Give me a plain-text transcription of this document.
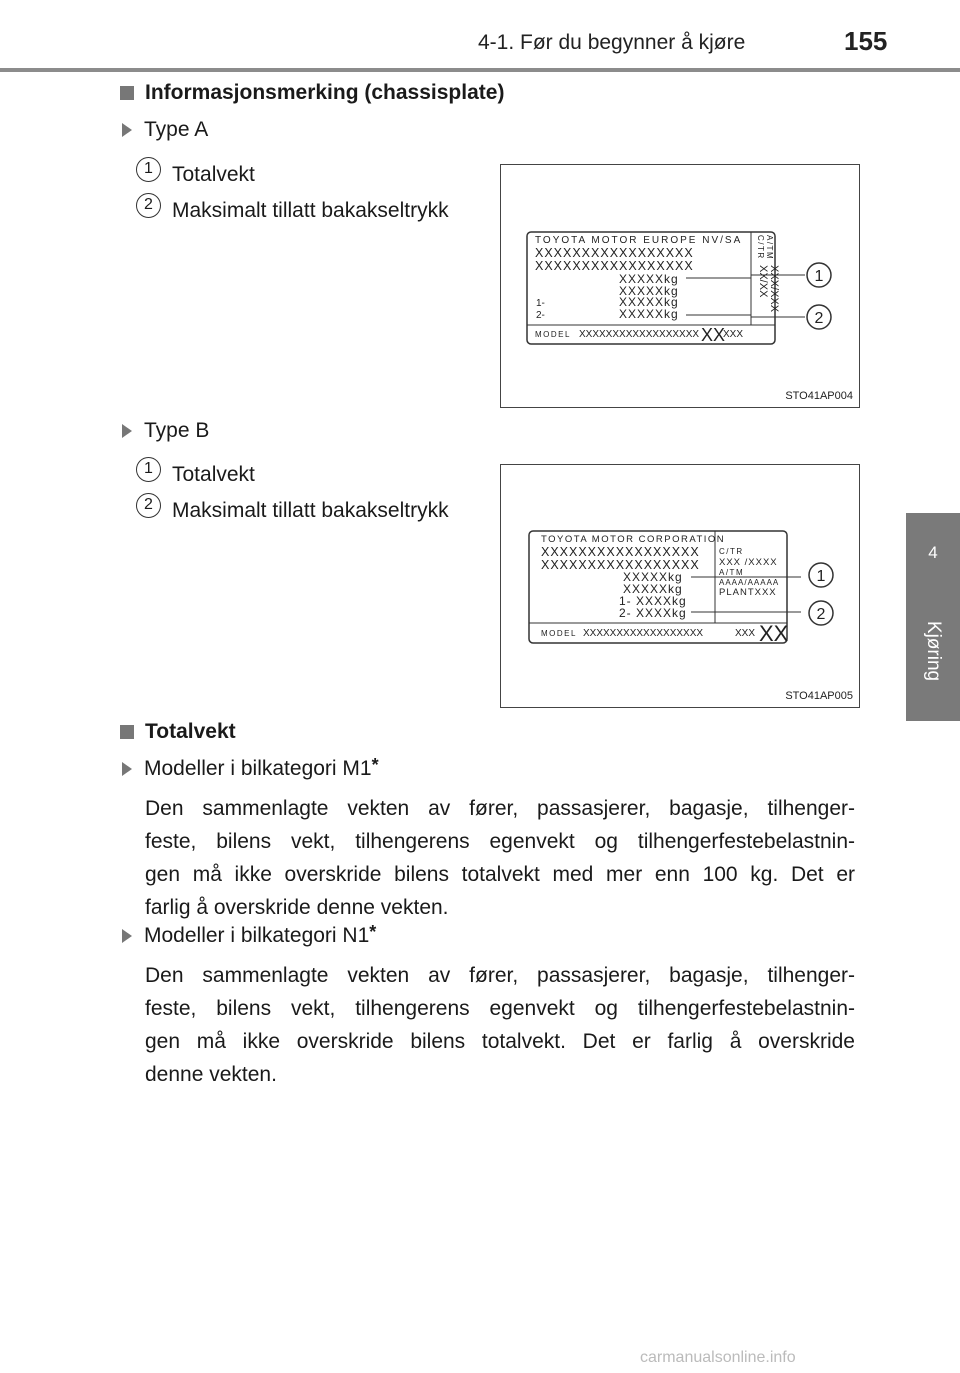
4-1. Før du begynner å kjøre	155
4
Kjøring
Informasjonsmerking (chassisplate)
Type A
1 Totalvekt
2 Maksimalt tillatt bakakseltrykk
TOYOTA MOTOR EUROPE NV/SA
XXXXXXXXXXXXXXXXX
XXXXXXXXXXXXXXXXX
XXXXXkg
XXXXXkg
1-	XXXXXkg
2-	XXXXXkg
C/TR A/TM
XX/XX XXX/XXX
MODEL XXXXXXXXXXXXXXXXXX XX
XXX
1
2
STO41AP004
Type B
1 Totalvekt
2 Maksimalt tillatt bakakseltrykk
TOYOTA MOTOR CORPORATION
XXXXXXXXXXXXXXXXX
XXXXXXXXXXXXXXXXX
XXXXXkg
XXXXXkg
1- XXXXkg
2- XXXXkg
C/TR
XXX /XXXX
A/TM
AAAA/AAAAA
PLANTXXX
MODEL XXXXXXXXXXXXXXXXXX	XXX XX
1
2
STO41AP005
Totalvekt
Modeller i bilkategori M1*
Den sammenlagte vekten av fører, passasjerer, bagasje, tilhenger-
feste, bilens vekt, tilhengerens egenvekt og tilhengerfestebelastnin-
gen må ikke overskride bilens totalvekt med mer enn 100 kg. Det er
farlig å overskride denne vekten.
Modeller i bilkategori N1*
Den sammenlagte vekten av fører, passasjerer, bagasje, tilhenger-
feste, bilens vekt, tilhengerens egenvekt og tilhengerfestebelastnin-
gen må ikke overskride bilens totalvekt. Det er farlig å overskride
denne vekten.
carmanualsonline.info
